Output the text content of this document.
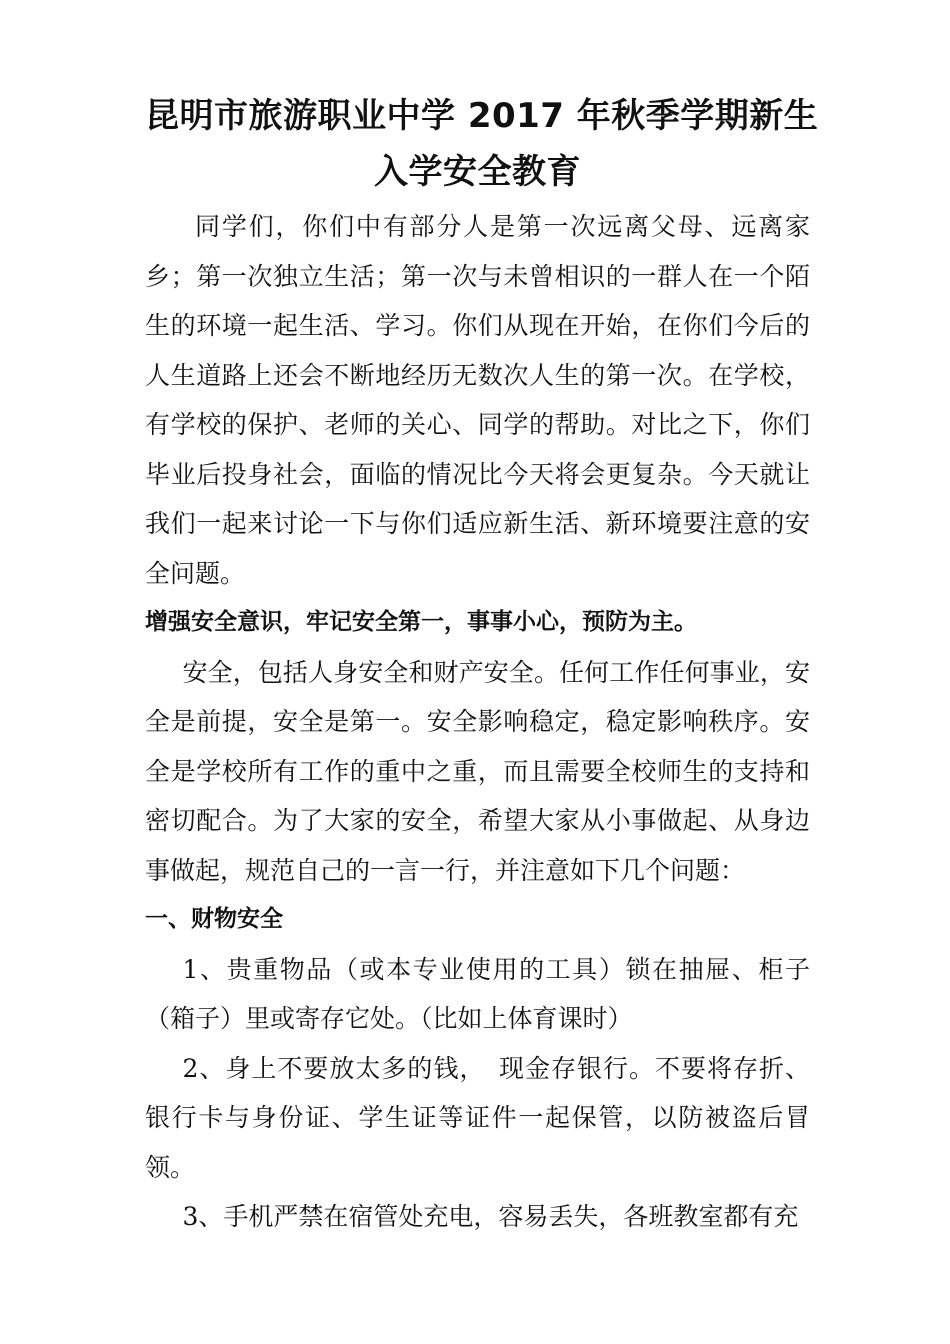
昆明市旅游职业中学 2017 年秋季学期新生
入学安全教育

同学们，你们中有部分人是第一次远离父母、远离家乡；第一次独立生活；第一次与未曾相识的一群人在一个陌生的环境一起生活、学习。你们从现在开始，在你们今后的人生道路上还会不断地经历无数次人生的第一次。在学校，有学校的保护、老师的关心、同学的帮助。对比之下，你们毕业后投身社会，面临的情况比今天将会更复杂。今天就让我们一起来讨论一下与你们适应新生活、新环境要注意的安全问题。

增强安全意识，牢记安全第一，事事小心，预防为主。

安全，包括人身安全和财产安全。任何工作任何事业，安全是前提，安全是第一。安全影响稳定，稳定影响秩序。安全是学校所有工作的重中之重，而且需要全校师生的支持和密切配合。为了大家的安全，希望大家从小事做起、从身边事做起，规范自己的一言一行，并注意如下几个问题：

一、财物安全

1、贵重物品（或本专业使用的工具）锁在抽屉、柜子（箱子）里或寄存它处。（比如上体育课时）

2、身上不要放太多的钱，　现金存银行。不要将存折、银行卡与身份证、学生证等证件一起保管，以防被盗后冒领。

3、手机严禁在宿管处充电，容易丢失，各班教室都有充
